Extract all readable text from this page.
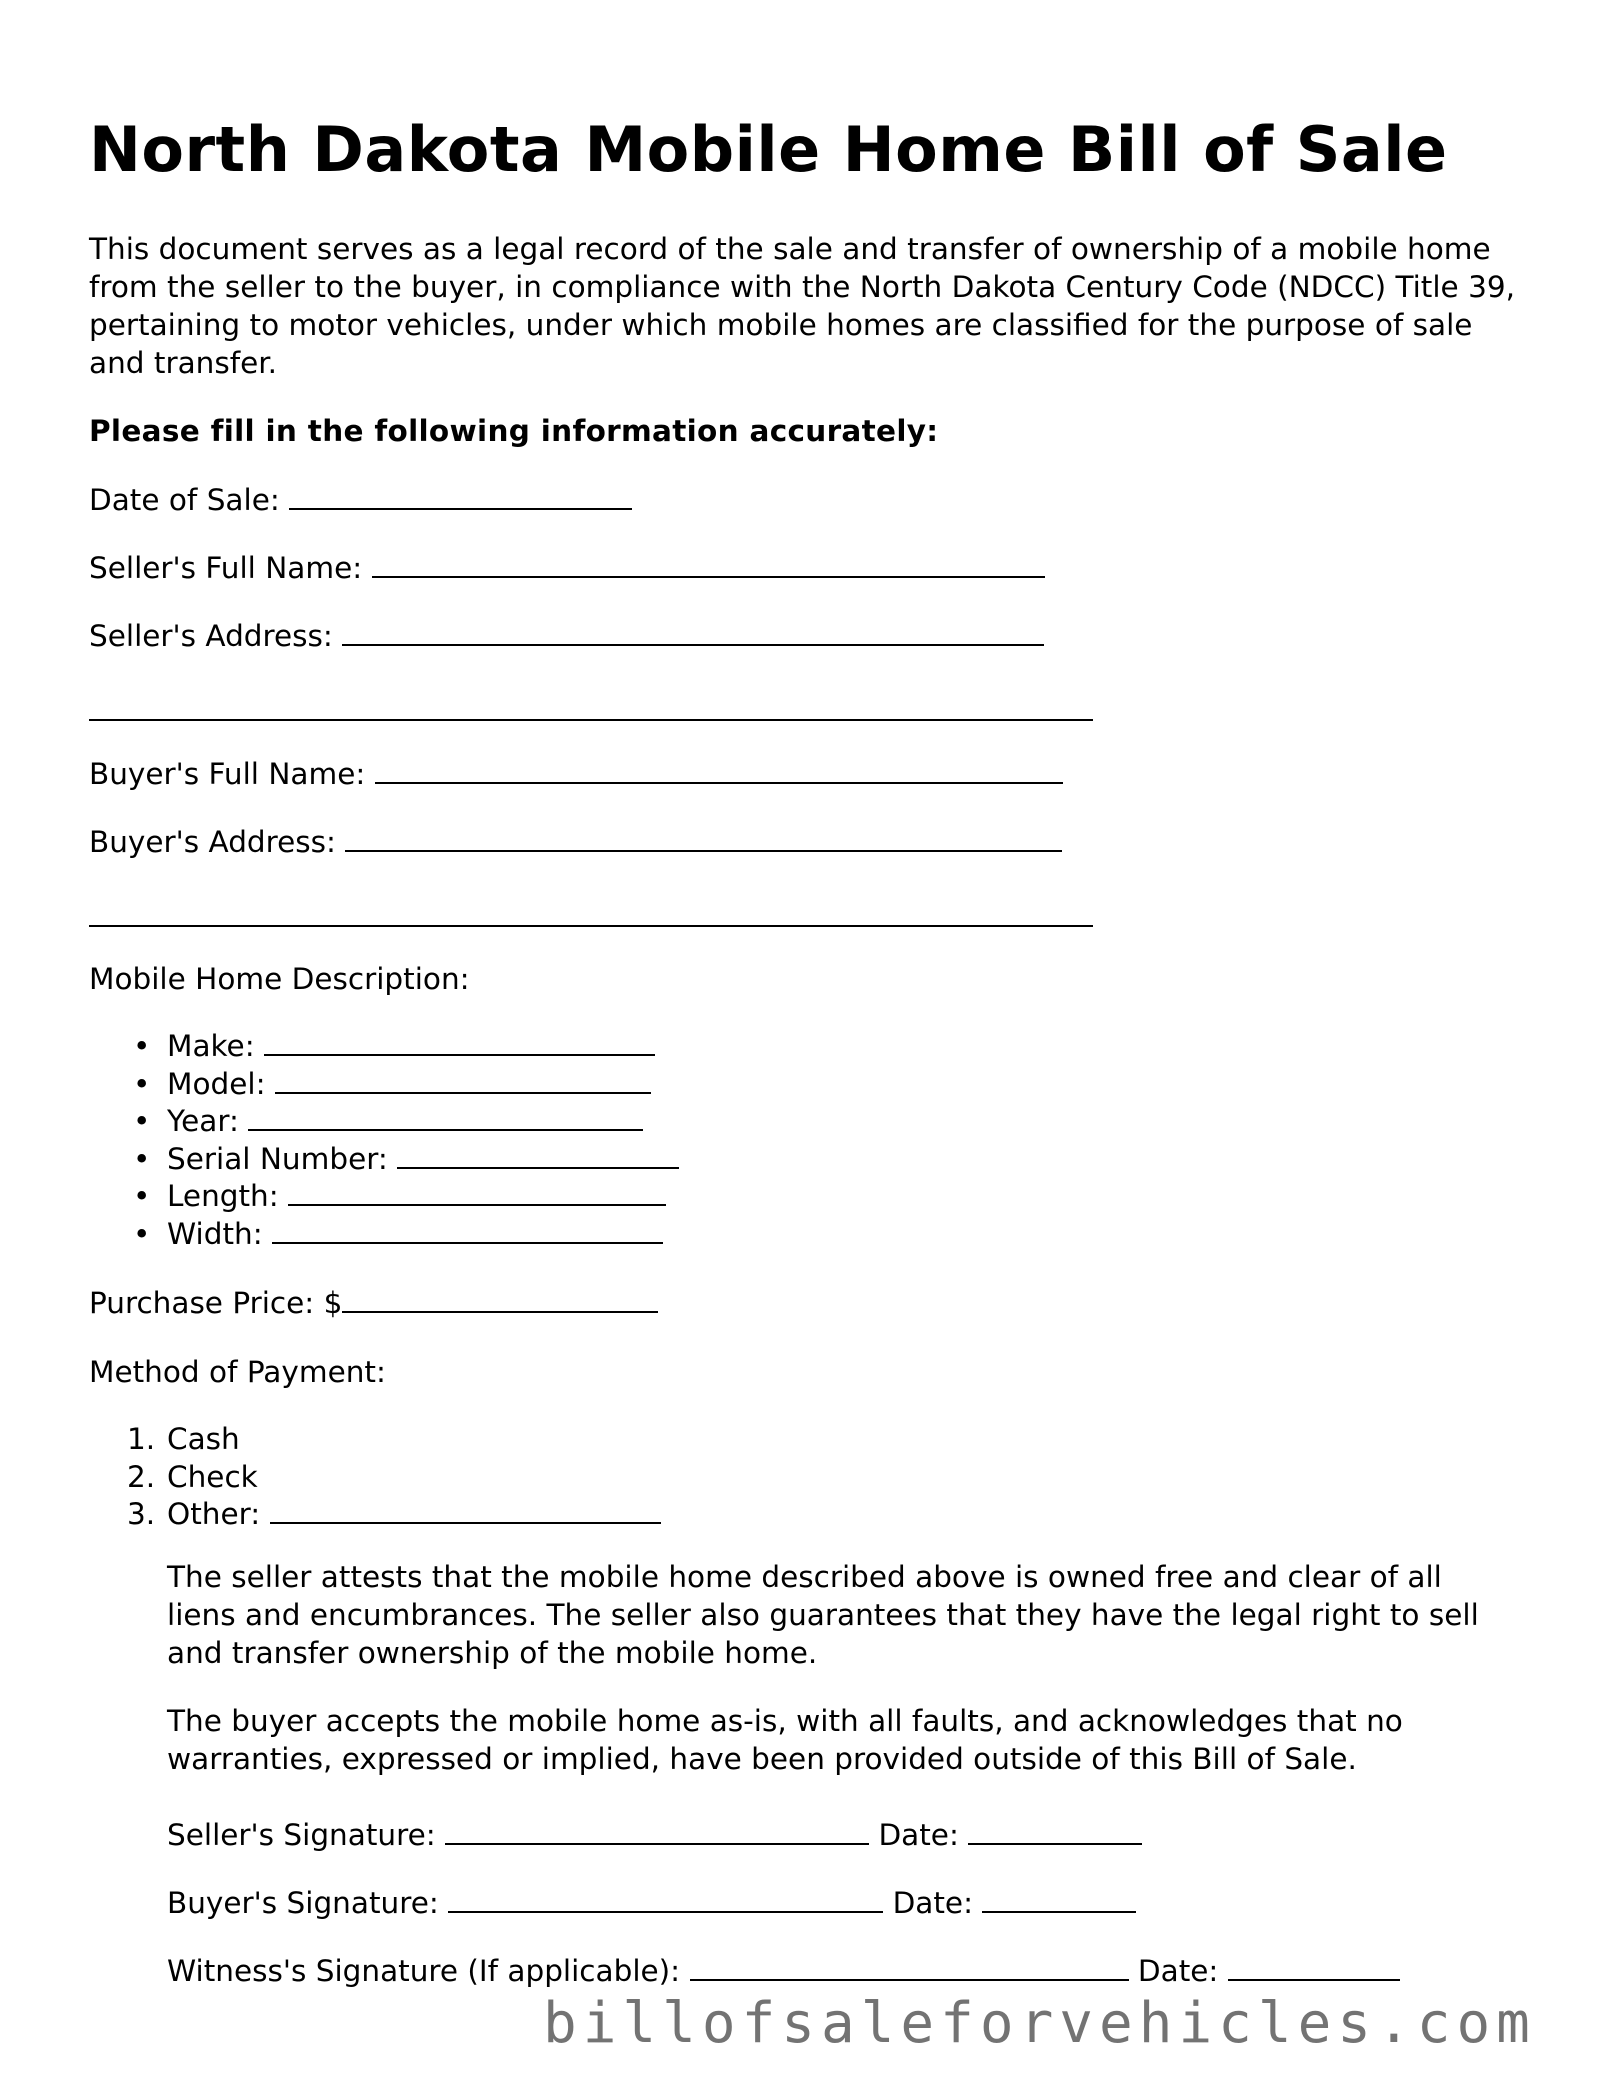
North Dakota Mobile Home Bill of Sale

This document serves as a legal record of the sale and transfer of ownership of a mobile home from the seller to the buyer, in compliance with the North Dakota Century Code (NDCC) Title 39, pertaining to motor vehicles, under which mobile homes are classified for the purpose of sale and transfer.

Please fill in the following information accurately:

Date of Sale:

Seller's Full Name:

Seller's Address:

Buyer's Full Name:

Buyer's Address:

Mobile Home Description:

• Make:
• Model:
• Year:
• Serial Number:
• Length:
• Width:

Purchase Price: $

Method of Payment:

1. Cash
2. Check
3. Other:

The seller attests that the mobile home described above is owned free and clear of all liens and encumbrances. The seller also guarantees that they have the legal right to sell and transfer ownership of the mobile home.

The buyer accepts the mobile home as-is, with all faults, and acknowledges that no warranties, expressed or implied, have been provided outside of this Bill of Sale.

Seller's Signature:	Date:

Buyer's Signature:	Date:

Witness's Signature (If applicable):	Date:

billofsaleforvehicles.com
